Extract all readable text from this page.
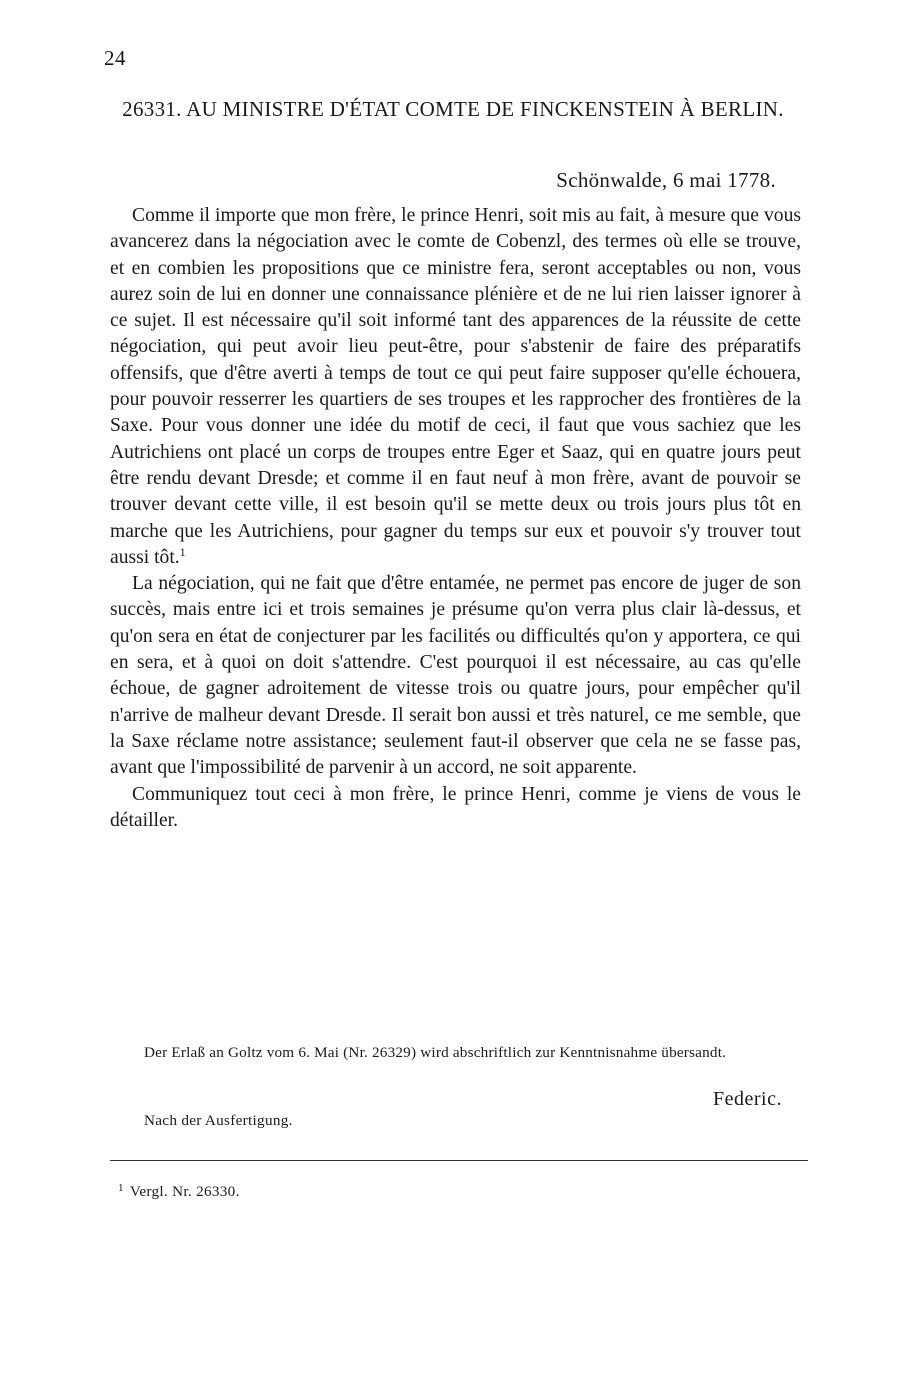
24
26331. AU MINISTRE D'ÉTAT COMTE DE FINCKENSTEIN À BERLIN.
Schönwalde, 6 mai 1778.

Comme il importe que mon frère, le prince Henri, soit mis au fait, à mesure que vous avancerez dans la négociation avec le comte de Cobenzl, des termes où elle se trouve, et en combien les propositions que ce ministre fera, seront acceptables ou non, vous aurez soin de lui en donner une connaissance plénière et de ne lui rien laisser ignorer à ce sujet. Il est nécessaire qu'il soit informé tant des apparences de la réussite de cette négociation, qui peut avoir lieu peut-être, pour s'abstenir de faire des préparatifs offensifs, que d'être averti à temps de tout ce qui peut faire supposer qu'elle échouera, pour pouvoir resserrer les quartiers de ses troupes et les rapprocher des frontières de la Saxe. Pour vous donner une idée du motif de ceci, il faut que vous sachiez que les Autrichiens ont placé un corps de troupes entre Eger et Saaz, qui en quatre jours peut être rendu devant Dresde; et comme il en faut neuf à mon frère, avant de pouvoir se trouver devant cette ville, il est besoin qu'il se mette deux ou trois jours plus tôt en marche que les Autrichiens, pour gagner du temps sur eux et pouvoir s'y trouver tout aussi tôt.$^1$

La négociation, qui ne fait que d'être entamée, ne permet pas encore de juger de son succès, mais entre ici et trois semaines je présume qu'on verra plus clair là-dessus, et qu'on sera en état de conjecturer par les facilités ou difficultés qu'on y apportera, ce qui en sera, et à quoi on doit s'attendre. C'est pourquoi il est nécessaire, au cas qu'elle échoue, de gagner adroitement de vitesse trois ou quatre jours, pour empêcher qu'il n'arrive de malheur devant Dresde. Il serait bon aussi et très naturel, ce me semble, que la Saxe réclame notre assistance; seulement faut-il observer que cela ne se fasse pas, avant que l'impossibilité de parvenir à un accord, ne soit apparente.

Communiquez tout ceci à mon frère, le prince Henri, comme je viens de vous le détailler.

Der Erlaß an Goltz vom 6. Mai (Nr. 26329) wird abschriftlich zur Kenntnisnahme übersandt.
Federic.
Nach der Ausfertigung.
$^1$ Vergl. Nr. 26330.
